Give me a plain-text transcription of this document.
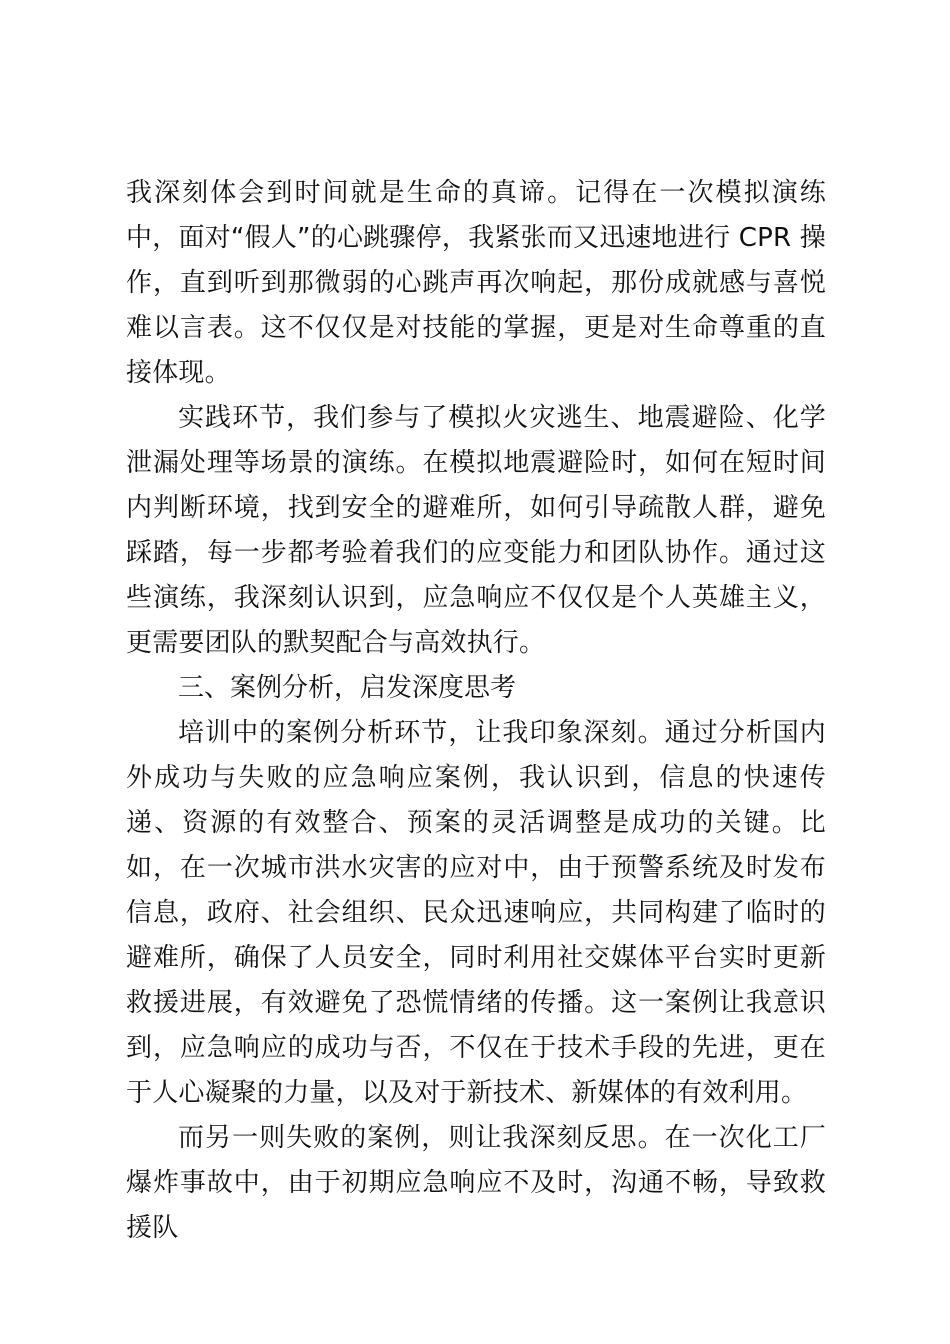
我深刻体会到时间就是生命的真谛。记得在一次模拟演练中，面对“假人”的心跳骤停，我紧张而又迅速地进行 CPR 操作，直到听到那微弱的心跳声再次响起，那份成就感与喜悦难以言表。这不仅仅是对技能的掌握，更是对生命尊重的直接体现。

实践环节，我们参与了模拟火灾逃生、地震避险、化学泄漏处理等场景的演练。在模拟地震避险时，如何在短时间内判断环境，找到安全的避难所，如何引导疏散人群，避免踩踏，每一步都考验着我们的应变能力和团队协作。通过这些演练，我深刻认识到，应急响应不仅仅是个人英雄主义，更需要团队的默契配合与高效执行。

三、案例分析，启发深度思考

培训中的案例分析环节，让我印象深刻。通过分析国内外成功与失败的应急响应案例，我认识到，信息的快速传递、资源的有效整合、预案的灵活调整是成功的关键。比如，在一次城市洪水灾害的应对中，由于预警系统及时发布信息，政府、社会组织、民众迅速响应，共同构建了临时的避难所，确保了人员安全，同时利用社交媒体平台实时更新救援进展，有效避免了恐慌情绪的传播。这一案例让我意识到，应急响应的成功与否，不仅在于技术手段的先进，更在于人心凝聚的力量，以及对于新技术、新媒体的有效利用。

而另一则失败的案例，则让我深刻反思。在一次化工厂爆炸事故中，由于初期应急响应不及时，沟通不畅，导致救援队
